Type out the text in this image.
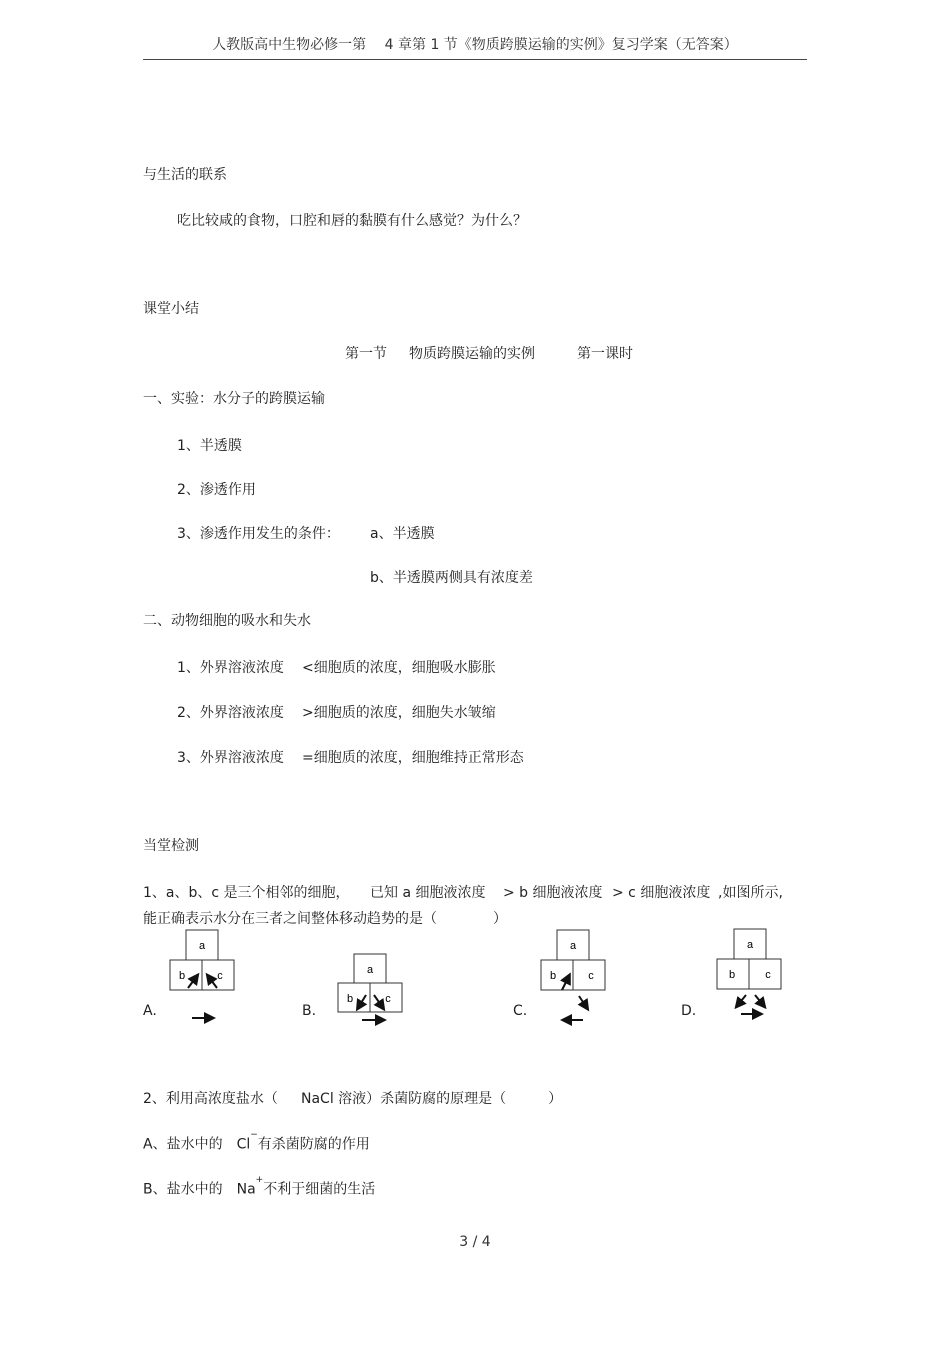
人教版高中生物必修一第　 4 章第 1 节《物质跨膜运输的实例》复习学案（无答案）
与生活的联系
吃比较咸的食物，口腔和唇的黏膜有什么感觉？为什么？
课堂小结
第一节 物质跨膜运输的实例	第一课时
一、实验：水分子的跨膜运输
1、半透膜
2、渗透作用
3、渗透作用发生的条件： a、半透膜
b、半透膜两侧具有浓度差
二、动物细胞的吸水和失水
1、外界溶液浓度 <细胞质的浓度，细胞吸水膨胀
2、外界溶液浓度 >细胞质的浓度，细胞失水皱缩
3、外界溶液浓度 =细胞质的浓度，细胞维持正常形态
当堂检测
1、a、b、c 是三个相邻的细胞， 已知 a 细胞液浓度 > b 细胞液浓度 > c 细胞液浓度 ,如图所示,
能正确表示水分在三者之间整体移动趋势的是（　　　　）
A.	B.	C.	D.
a
b	c	a
b	c
a
b	c
a
b	c
2、利用高浓度盐水（ NaCl 溶液）杀菌防腐的原理是（　　　）
A、盐水中的 Cl−有杀菌防腐的作用
B、盐水中的 Na+不利于细菌的生活
3 / 4
